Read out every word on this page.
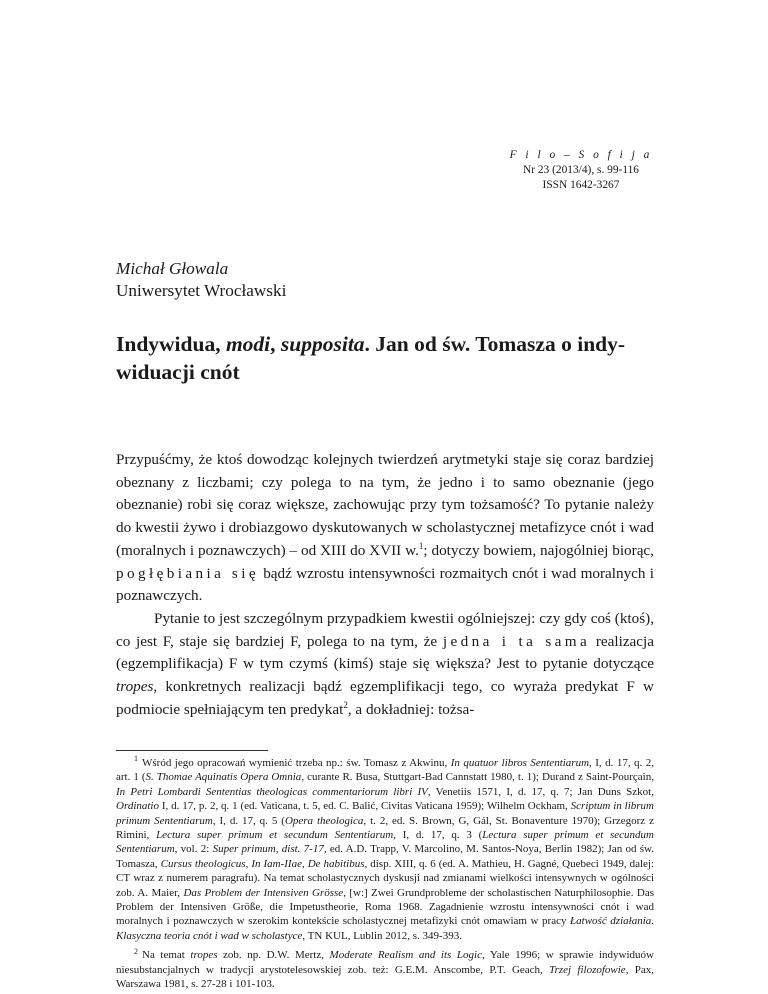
F i l o – S o f i j a
Nr 23 (2013/4), s. 99-116
ISSN 1642-3267
Michał Głowala
Uniwersytet Wrocławski
Indywidua, modi, supposita. Jan od św. Tomasza o indy-widuacji cnót

Przypuśćmy, że ktoś dowodząc kolejnych twierdzeń arytmetyki staje się coraz bardziej obeznany z liczbami; czy polega to na tym, że jedno i to samo obeznanie (jego obeznanie) robi się coraz większe, zachowując przy tym tożsamość? To pytanie należy do kwestii żywo i drobiazgowo dyskutowanych w scholastycznej metafizyce cnót i wad (moralnych i poznawczych) – od XIII do XVII w.$^1$; dotyczy bowiem, najogólniej biorąc, pogłębiania się bądź wzrostu intensywności rozmaitych cnót i wad moralnych i poznawczych.

Pytanie to jest szczególnym przypadkiem kwestii ogólniejszej: czy gdy coś (ktoś), co jest F, staje się bardziej F, polega to na tym, że jedna i ta sama realizacja (egzemplifikacja) F w tym czymś (kimś) staje się większa? Jest to pytanie dotyczące tropes, konkretnych realizacji bądź egzemplifikacji tego, co wyraża predykat F w podmiocie spełniającym ten predykat$^2$, a dokładniej: tożsa-

$^1$ Wśród jego opracowań wymienić trzeba np.: św. Tomasz z Akwinu, In quatuor libros Sententiarum, I, d. 17, q. 2, art. 1 (S. Thomae Aquinatis Opera Omnia, curante R. Busa, Stuttgart-Bad Cannstatt 1980, t. 1); Durand z Saint-Pourçain, In Petri Lombardi Sententias theologicas commentariorum libri IV, Venetiis 1571, I, d. 17, q. 7; Jan Duns Szkot, Ordinatio I, d. 17, p. 2, q. 1 (ed. Vaticana, t. 5, ed. C. Balić, Civitas Vaticana 1959); Wilhelm Ockham, Scriptum in librum primum Sententiarum, I, d. 17, q. 5 (Opera theologica, t. 2, ed. S. Brown, G, Gál, St. Bonaventure 1970); Grzegorz z Rimini, Lectura super primum et secundum Sententiarum, I, d. 17, q. 3 (Lectura super primum et secundum Sententiarum, vol. 2: Super primum, dist. 7-17, ed. A.D. Trapp, V. Marcolino, M. Santos-Noya, Berlin 1982); Jan od św. Tomasza, Cursus theologicus, In Iam-IIae, De habitibus, disp. XIII, q. 6 (ed. A. Mathieu, H. Gagné, Quebeci 1949, dalej: CT wraz z numerem paragrafu). Na temat scholastycznych dyskusji nad zmianami wielkości intensywnych w ogólności zob. A. Maier, Das Problem der Intensiven Grösse, [w:] Zwei Grundprobleme der scholastischen Naturphilosophie. Das Problem der Intensiven Größe, die Impetustheorie, Roma 1968. Zagadnienie wzrostu intensywności cnót i wad moralnych i poznawczych w szerokim kontekście scholastycznej metafizyki cnót omawiam w pracy Łatwość działania. Klasyczna teoria cnót i wad w scholastyce, TN KUL, Lublin 2012, s. 349-393.

$^2$ Na temat tropes zob. np. D.W. Mertz, Moderate Realism and its Logic, Yale 1996; w sprawie indywiduów niesubstancjalnych w tradycji arystotelesowskiej zob. też: G.E.M. Anscombe, P.T. Geach, Trzej filozofowie, Pax, Warszawa 1981, s. 27-28 i 101-103.
